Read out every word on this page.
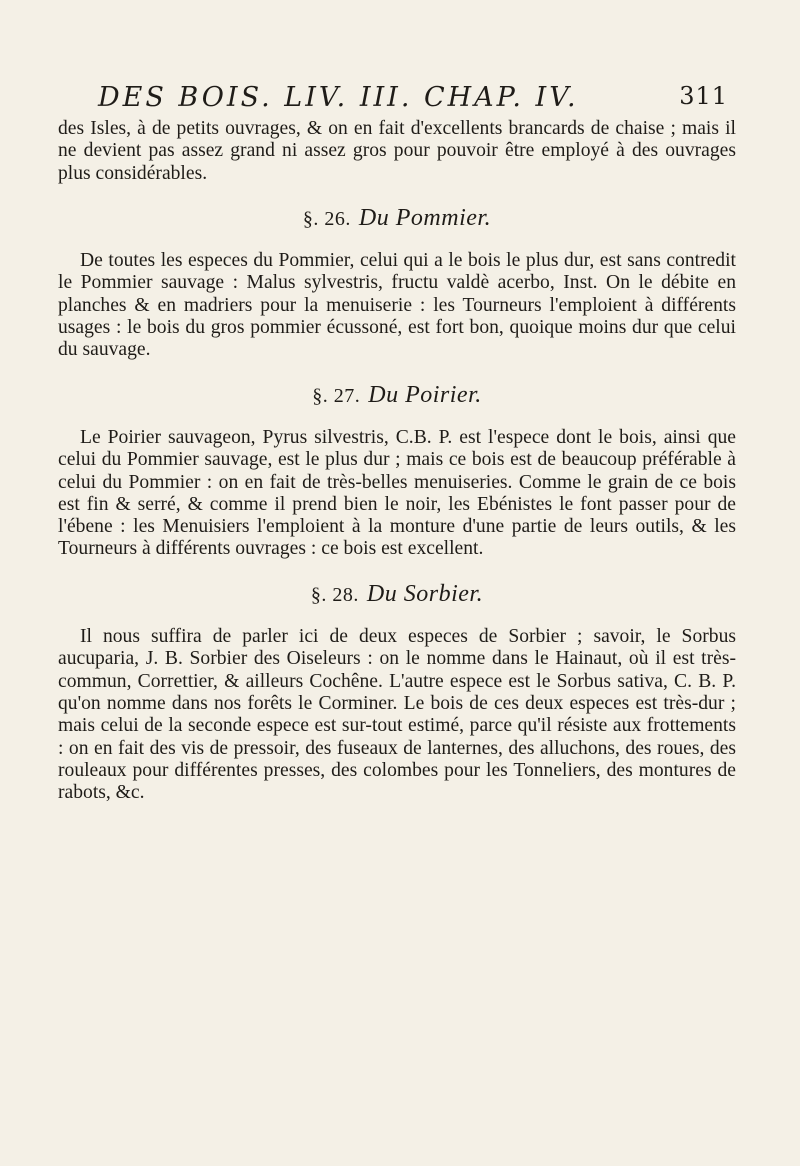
DES BOIS. LIV. III. CHAP. IV.	311

des Isles, à de petits ouvrages, & on en fait d'excellents brancards de chaise ; mais il ne devient pas assez grand ni assez gros pour pouvoir être employé à des ouvrages plus considérables.

§. 26. Du Pommier.

De toutes les especes du Pommier, celui qui a le bois le plus dur, est sans contredit le Pommier sauvage : Malus sylvestris, fructu valdè acerbo, Inst. On le débite en planches & en madriers pour la menuiserie : les Tourneurs l'emploient à différents usages : le bois du gros pommier écussoné, est fort bon, quoique moins dur que celui du sauvage.

§. 27. Du Poirier.

Le Poirier sauvageon, Pyrus silvestris, C.B. P. est l'espece dont le bois, ainsi que celui du Pommier sauvage, est le plus dur ; mais ce bois est de beaucoup préférable à celui du Pommier : on en fait de très-belles menuiseries. Comme le grain de ce bois est fin & serré, & comme il prend bien le noir, les Ebénistes le font passer pour de l'ébene : les Menuisiers l'emploient à la monture d'une partie de leurs outils, & les Tourneurs à différents ouvrages : ce bois est excellent.

§. 28. Du Sorbier.

Il nous suffira de parler ici de deux especes de Sorbier ; savoir, le Sorbus aucuparia, J. B. Sorbier des Oiseleurs : on le nomme dans le Hainaut, où il est très-commun, Correttier, & ailleurs Cochêne. L'autre espece est le Sorbus sativa, C. B. P. qu'on nomme dans nos forêts le Corminer. Le bois de ces deux especes est très-dur ; mais celui de la seconde espece est sur-tout estimé, parce qu'il résiste aux frottements : on en fait des vis de pressoir, des fuseaux de lanternes, des alluchons, des roues, des rouleaux pour différentes presses, des colombes pour les Tonneliers, des montures de rabots, &c.
